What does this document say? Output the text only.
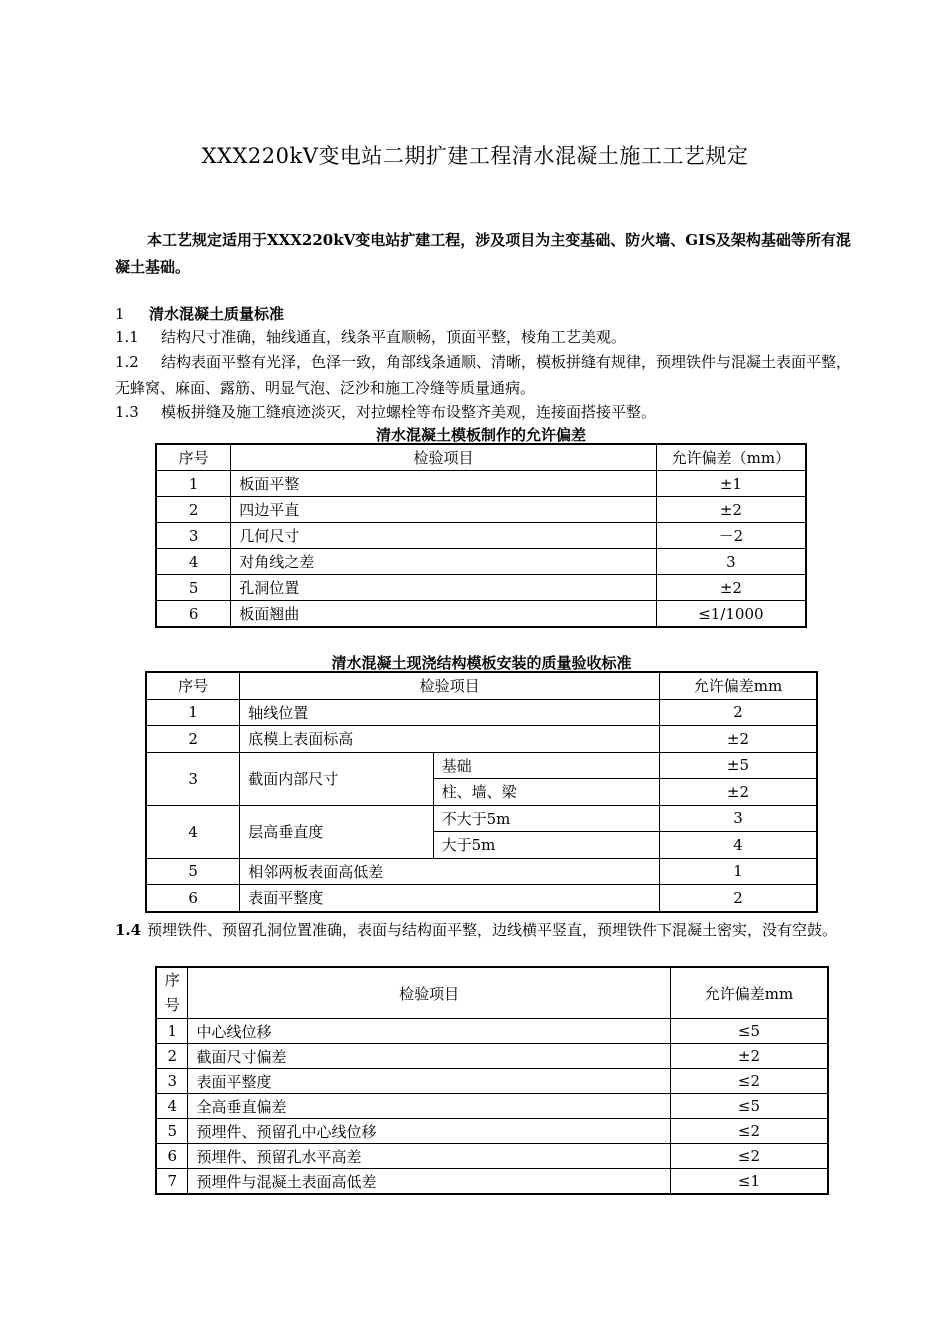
XXX220kV变电站二期扩建工程清水混凝土施工工艺规定
本工艺规定适用于XXX220kV变电站扩建工程，涉及项目为主变基础、防火墙、GIS及架构基础等所有混凝土基础。
1 清水混凝土质量标准
1.1 结构尺寸准确，轴线通直，线条平直顺畅，顶面平整，棱角工艺美观。
1.2 结构表面平整有光泽，色泽一致，角部线条通顺、清晰，模板拼缝有规律，预埋铁件与混凝土表面平整，无蜂窝、麻面、露筋、明显气泡、泛沙和施工冷缝等质量通病。
1.3 模板拼缝及施工缝痕迹淡灭，对拉螺栓等布设整齐美观，连接面搭接平整。
清水混凝土模板制作的允许偏差
序号	检验项目	允许偏差（mm）
1	板面平整	±1
2	四边平直	±2
3	几何尺寸	－2
4	对角线之差	3
5	孔洞位置	±2
6	板面翘曲	≤1/1000
清水混凝土现浇结构模板安装的质量验收标准
序号	检验项目		允许偏差mm
1	轴线位置		2
2	底模上表面标高		±2
3	截面内部尺寸	基础	±5
		柱、墙、梁	±2
4	层高垂直度	不大于5m	3
		大于5m	4
5	相邻两板表面高低差		1
6	表面平整度		2
1.4 预埋铁件、预留孔洞位置准确，表面与结构面平整，边线横平竖直，预埋铁件下混凝土密实，没有空鼓。
序
号	检验项目	允许偏差mm
1	中心线位移	≤5
2	截面尺寸偏差	±2
3	表面平整度	≤2
4	全高垂直偏差	≤5
5	预埋件、预留孔中心线位移	≤2
6	预埋件、预留孔水平高差	≤2
7	预埋件与混凝土表面高低差	≤1
